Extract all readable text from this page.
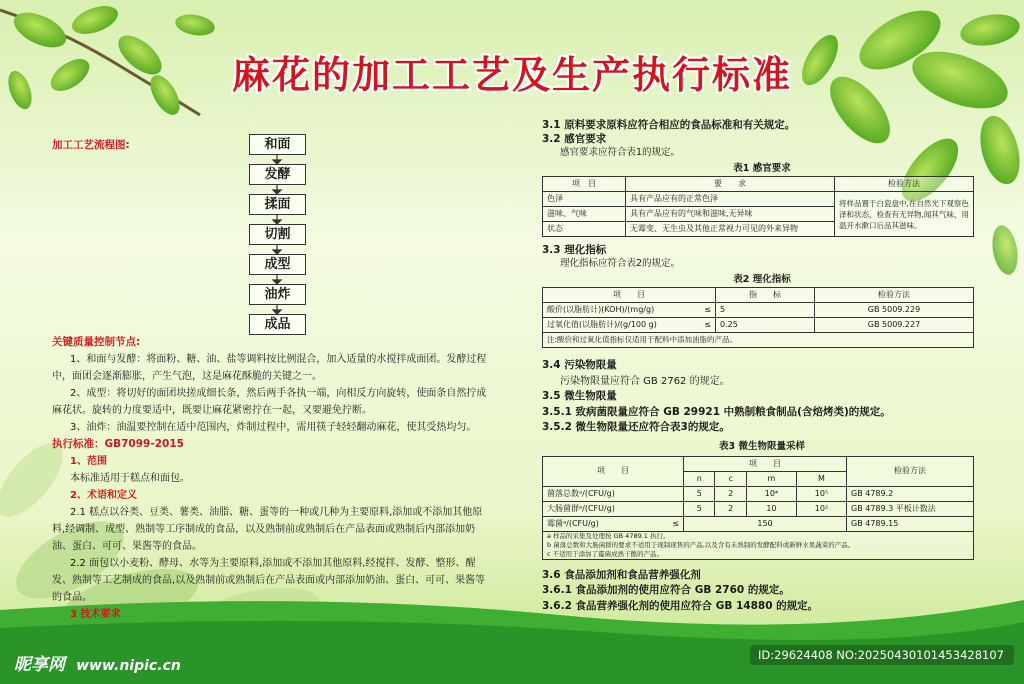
麻花的加工工艺及生产执行标准
加工工艺流程图:	和面
发酵
揉面
切割
成型
油炸
成品
关键质量控制节点:
1、和面与发酵：将面粉、糖、油、盐等调料按比例混合，加入适量的水搅拌成面团。发酵过程
中，面团会逐渐膨胀，产生气泡，这是麻花酥脆的关键之一。
2、成型：将切好的面团块搓成细长条，然后两手各执一端，向相反方向旋转，使面条自然拧成
麻花状。旋转的力度要适中，既要让麻花紧密拧在一起，又要避免拧断。
3、油炸：油温要控制在适中范围内，炸制过程中，需用筷子轻轻翻动麻花，使其受热均匀。
执行标准：GB7099-2015
1、范围
本标准适用于糕点和面包。
2、术语和定义
2.1 糕点以谷类、豆类、薯类、油脂、糖、蛋等的一种或几种为主要原料,添加或不添加其他原
料,经调制、成型、熟制等工序制成的食品，以及熟制前或熟制后在产品表面或熟制后内部添加奶
油、蛋白、可可、果酱等的食品。
2.2 面包以小麦粉、酵母、水等为主要原料,添加或不添加其他原料,经搅拌、发酵、整形、醒
发、熟制等工艺制成的食品,以及熟制前或熟制后在产品表面或内部添加奶油、蛋白、可可、果酱等
的食品。
3 技术要求
3.1 原料要求原料应符合相应的食品标准和有关规定。
3.2 感官要求
感官要求应符合表1的规定。
表1 感官要求
项　目	要　　求	检验方法
色泽	具有产品应有的正常色泽	将样品置于白瓷盘中,在自然光下观察色泽和状态，检查有无异物,闻其气味，用温开水漱口后品其滋味。
滋味、气味	具有产品应有的气味和滋味,无异味	
状态	无霉变、无生虫及其他正常视力可见的外来异物	
3.3 理化指标
理化指标应符合表2的规定。
表2 理化指标
项　　目		指　　标	检验方法
酸价(以脂肪计)(KOH)/(mg/g)	≤	5	GB 5009.229
过氧化值(以脂肪计)/(g/100 g)	≤	0.25	GB 5009.227
注:酸价和过氧化值指标仅适用于配料中添加油脂的产品。			
3.4 污染物限量
污染物限量应符合 GB 2762 的规定。
3.5 微生物限量
3.5.1 致病菌限量应符合 GB 29921 中熟制粮食制品(含焙烤类)的规定。
3.5.2 微生物限量还应符合表3的规定。
表3 微生物限量采样
项　　目	项　　目				检验方法
	n	c	m	M	
菌落总数ᵃ/(CFU/g)	5	2	10⁴	10⁵	GB 4789.2
大肠菌群ᵃ/(CFU/g)	5	2	10	10²	GB 4789.3 平板计数法
霉菌ᵃ/(CFU/g) ≤	150				GB 4789.15

a 样品的采集及处理按 GB 4789.1 执行。
b 菌落总数和大肠菌群的要求不适用于现制现售的产品,以及含有未熟制的发酵配料或新鲜水果蔬菜的产品。
c 不适用于添加了霉菌成熟干酪的产品。					
3.6 食品添加剂和食品营养强化剂
3.6.1 食品添加剂的使用应符合 GB 2760 的规定。
3.6.2 食品营养强化剂的使用应符合 GB 14880 的规定。
昵享网 www.nipic.cn
ID:29624408 NO:20250430101453428107
